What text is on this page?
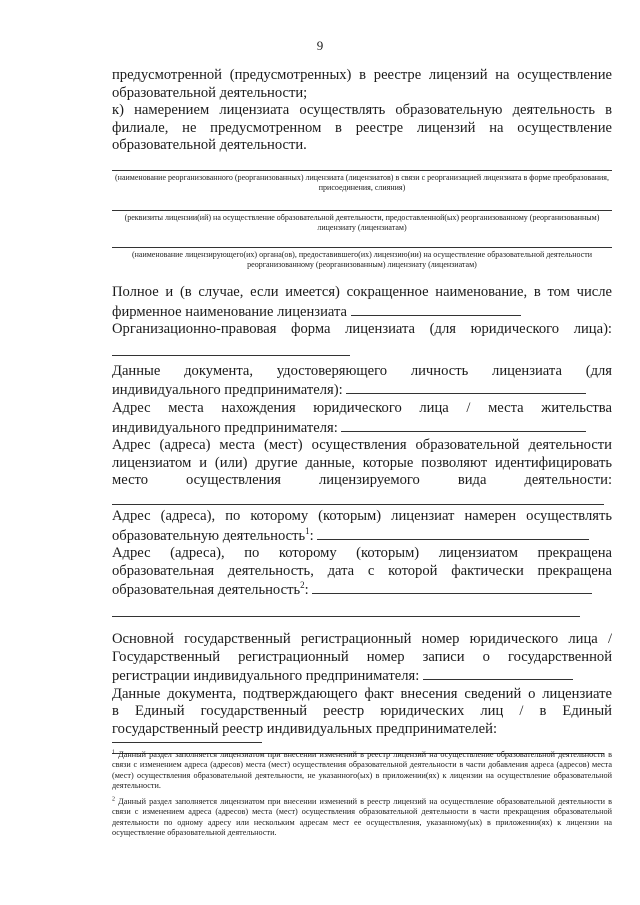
9

предусмотренной (предусмотренных) в реестре лицензий на осуществление образовательной деятельности;

к) намерением лицензиата осуществлять образовательную деятельность в филиале, не предусмотренном в реестре лицензий на осуществление образовательной деятельности.

(наименование реорганизованного (реорганизованных) лицензиата (лицензиатов) в связи с реорганизацией лицензиата в форме преобразования, присоединения, слияния)

(реквизиты лицензии(ий) на осуществление образовательной деятельности, предоставленной(ых) реорганизованному (реорганизованным) лицензиату (лицензиатам)

(наименование лицензирующего(их) органа(ов), предоставившего(их) лицензию(ии) на осуществление образовательной деятельности реорганизованному (реорганизованным) лицензиату (лицензиатам)

Полное и (в случае, если имеется) сокращенное наименование, в том числе фирменное наименование лицензиата

Организационно-правовая форма лицензиата (для юридического лица):

Данные документа, удостоверяющего личность лицензиата (для

индивидуального предпринимателя):

Адрес места нахождения юридического лица / места жительства

индивидуального предпринимателя:

Адрес (адреса) места (мест) осуществления образовательной деятельности

лицензиатом и (или) другие данные, которые позволяют идентифицировать

место осуществления лицензируемого вида деятельности:

Адрес (адреса), по которому (которым) лицензиат намерен осуществлять

образовательную деятельность$^1$:

Адрес (адреса), по которому (которым) лицензиатом прекращена

образовательная деятельность, дата с которой фактически прекращена

образовательная деятельность$^2$:

Основной государственный регистрационный номер юридического лица /

Государственный регистрационный номер записи о государственной

регистрации индивидуального предпринимателя:

Данные документа, подтверждающего факт внесения сведений о лицензиате

в Единый государственный реестр юридических лиц / в Единый

государственный реестр индивидуальных предпринимателей:

$^1$ Данный раздел заполняется лицензиатом при внесении изменений в реестр лицензий на осуществление образовательной деятельности в связи с изменением адреса (адресов) места (мест) осуществления образовательной деятельности в части добавления адреса (адресов) места (мест) осуществления образовательной деятельности, не указанного(ых) в приложении(ях) к лицензии на осуществление образовательной деятельности.

$^2$ Данный раздел заполняется лицензиатом при внесении изменений в реестр лицензий на осуществление образовательной деятельности в связи с изменением адреса (адресов) места (мест) осуществления образовательной деятельности в части прекращения образовательной деятельности по одному адресу или нескольким адресам мест ее осуществления, указанному(ых) в приложении(ях) к лицензии на осуществление образовательной деятельности.
